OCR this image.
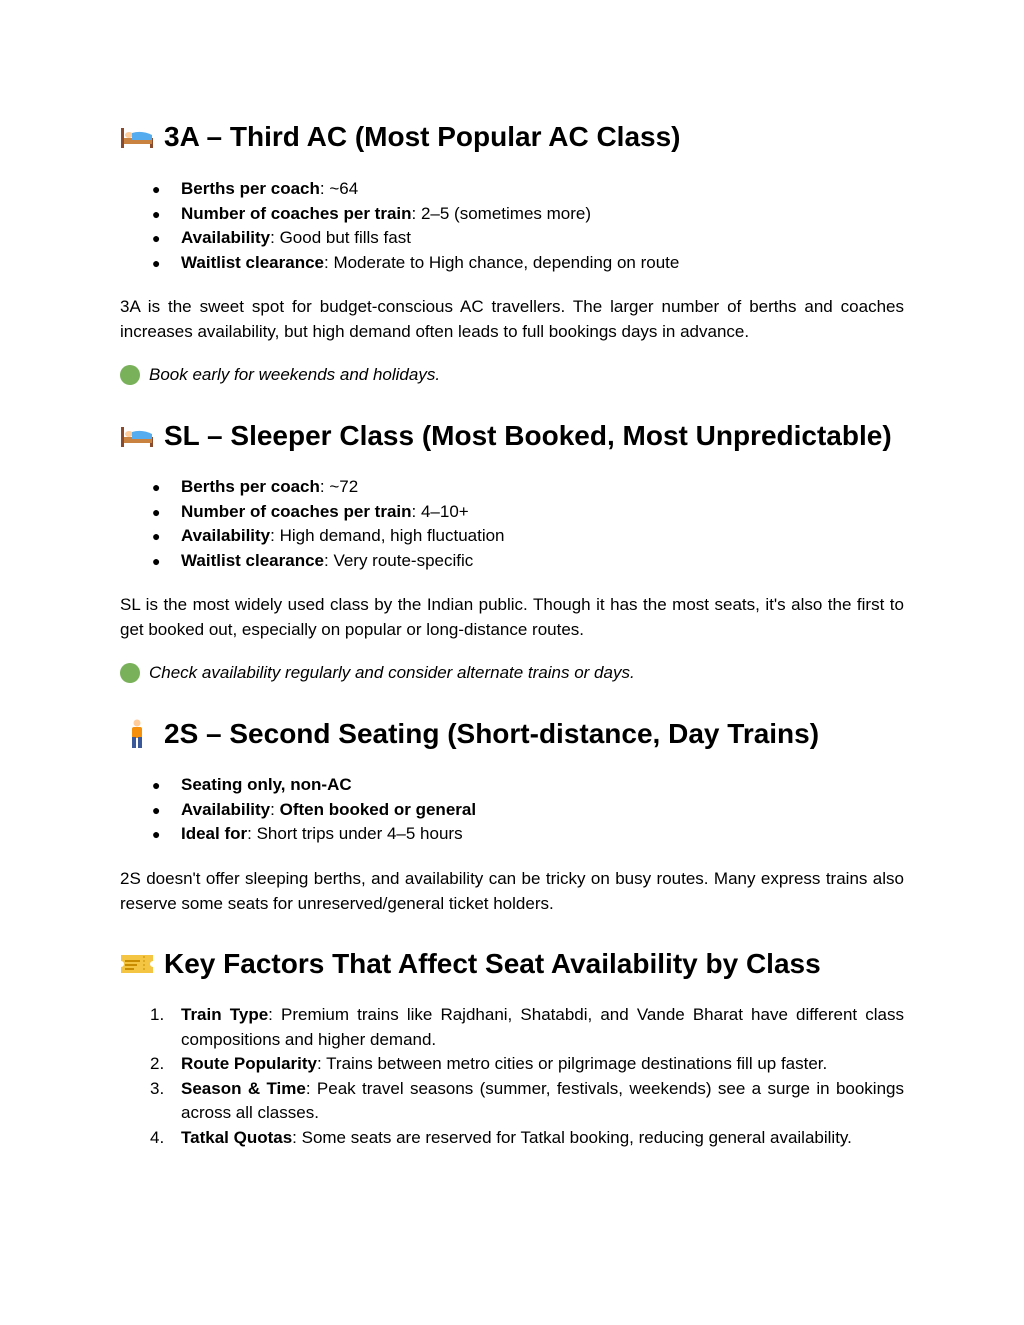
3A – Third AC (Most Popular AC Class)
● Berths per coach: ~64
● Number of coaches per train: 2–5 (sometimes more)
● Availability: Good but fills fast
● Waitlist clearance: Moderate to High chance, depending on route

3A is the sweet spot for budget-conscious AC travellers. The larger number of berths and coaches increases availability, but high demand often leads to full bookings days in advance.

Book early for weekends and holidays.

SL – Sleeper Class (Most Booked, Most Unpredictable)
● Berths per coach: ~72
● Number of coaches per train: 4–10+
● Availability: High demand, high fluctuation
● Waitlist clearance: Very route-specific

SL is the most widely used class by the Indian public. Though it has the most seats, it's also the first to get booked out, especially on popular or long-distance routes.

Check availability regularly and consider alternate trains or days.

2S – Second Seating (Short-distance, Day Trains)
● Seating only, non-AC
● Availability: Often booked or general
● Ideal for: Short trips under 4–5 hours

2S doesn't offer sleeping berths, and availability can be tricky on busy routes. Many express trains also reserve some seats for unreserved/general ticket holders.

Key Factors That Affect Seat Availability by Class
1. Train Type: Premium trains like Rajdhani, Shatabdi, and Vande Bharat have different class compositions and higher demand.
2. Route Popularity: Trains between metro cities or pilgrimage destinations fill up faster.
3. Season & Time: Peak travel seasons (summer, festivals, weekends) see a surge in bookings across all classes.
4. Tatkal Quotas: Some seats are reserved for Tatkal booking, reducing general availability.
